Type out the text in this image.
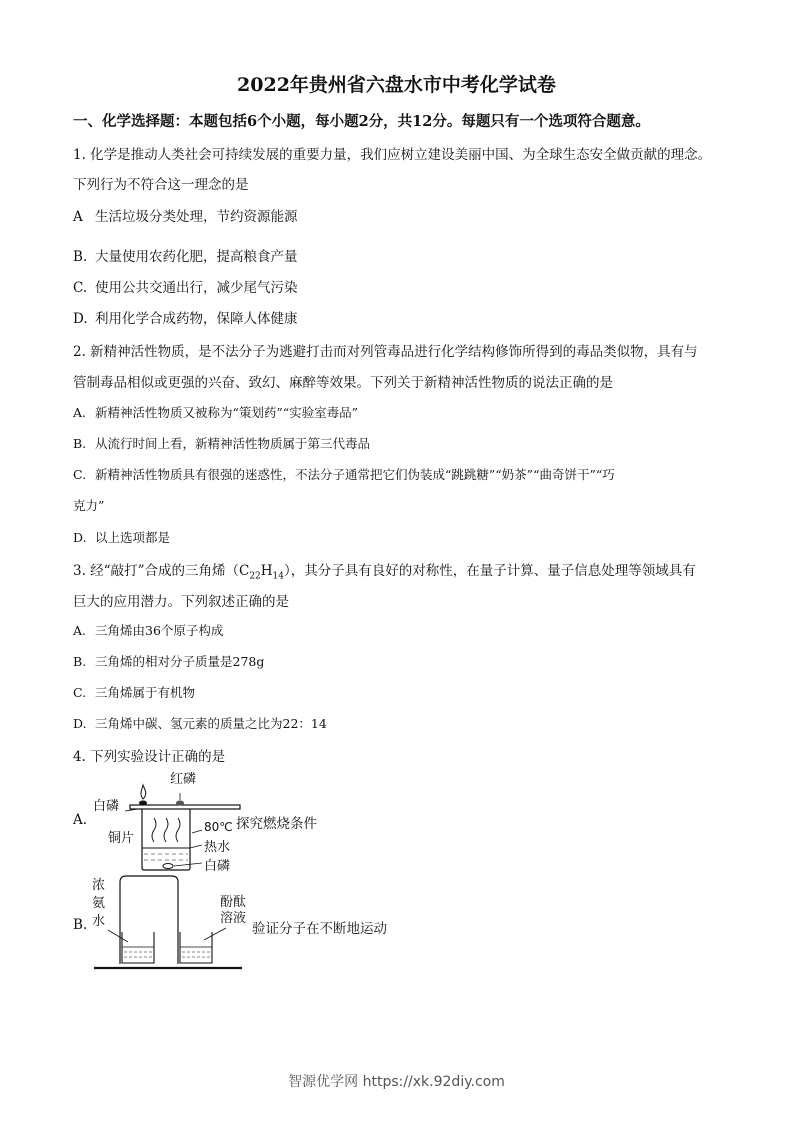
2022年贵州省六盘水市中考化学试卷
一、化学选择题：本题包括6个小题，每小题2分，共12分。每题只有一个选项符合题意。
1. 化学是推动人类社会可持续发展的重要力量，我们应树立建设美丽中国、为全球生态安全做贡献的理念。
下列行为不符合这一理念的是
A 生活垃圾分类处理，节约资源能源
B. 大量使用农药化肥，提高粮食产量
C. 使用公共交通出行，减少尾气污染
D. 利用化学合成药物，保障人体健康
2. 新精神活性物质，是不法分子为逃避打击而对列管毒品进行化学结构修饰所得到的毒品类似物，具有与
管制毒品相似或更强的兴奋、致幻、麻醉等效果。下列关于新精神活性物质的说法正确的是
A. 新精神活性物质又被称为“策划药”“实验室毒品”
B. 从流行时间上看，新精神活性物质属于第三代毒品
C. 新精神活性物质具有很强的迷惑性，不法分子通常把它们伪装成“跳跳糖”“奶茶”“曲奇饼干”“巧
克力”
D. 以上选项都是
3. 经“敲打”合成的三角烯$(C_{22}H_{14})$，其分子具有良好的对称性，在量子计算、量子信息处理等领域具有
巨大的应用潜力。下列叙述正确的是
A. 三角烯由36个原子构成
B. 三角烯的相对分子质量是278g
C. 三角烯属于有机物
D. 三角烯中碳、氢元素的质量之比为22：14
4. 下列实验设计正确的是
A.
红磷
白磷
铜片
80℃
热水
白磷
探究燃烧条件
B.
浓
氨
水
酚酞
溶液
验证分子在不断地运动
智源优学网 https://xk.92diy.com
